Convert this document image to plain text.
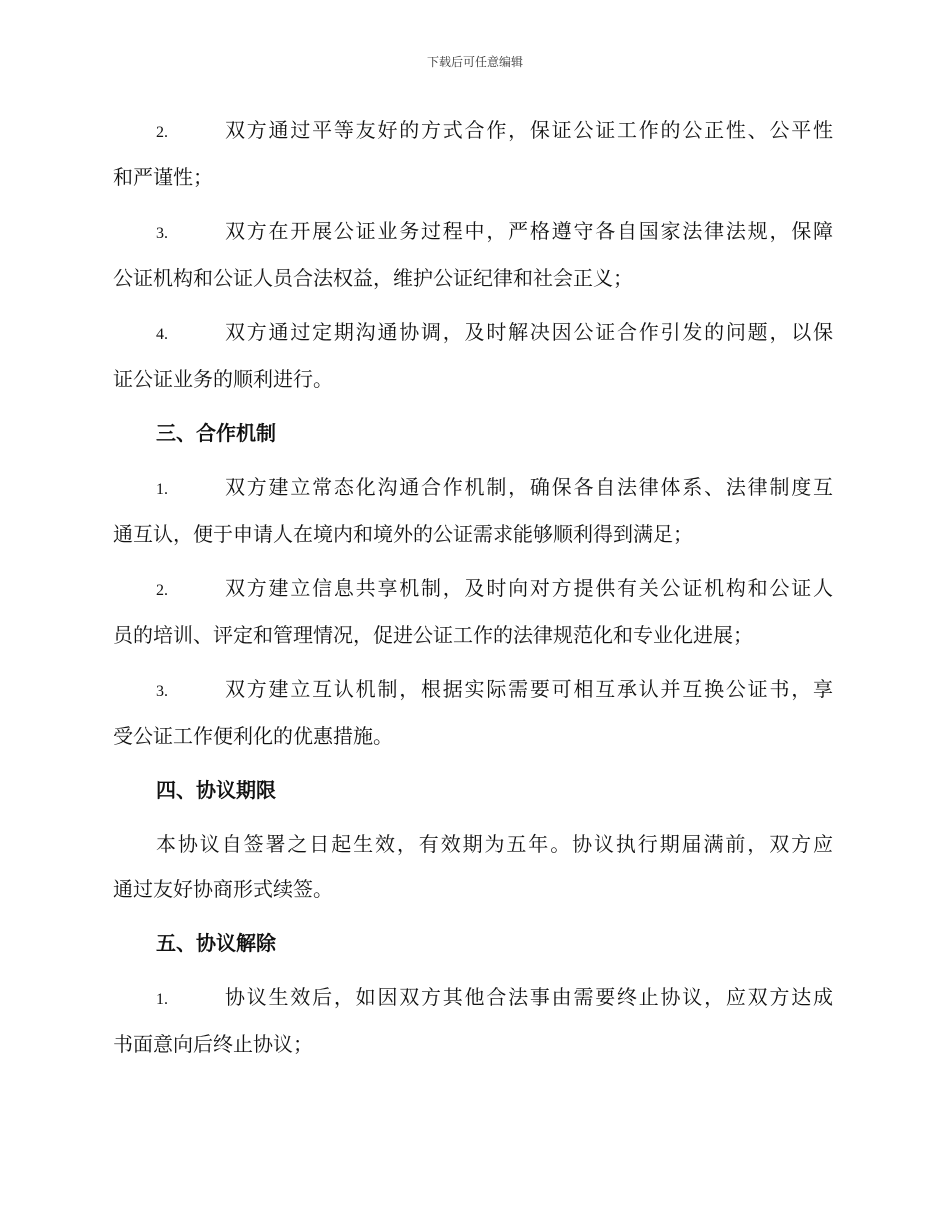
下载后可任意编辑
2.	双方通过平等友好的方式合作，保证公证工作的公正性、公平性
和严谨性；
3.	双方在开展公证业务过程中，严格遵守各自国家法律法规，保障
公证机构和公证人员合法权益，维护公证纪律和社会正义；
4.	双方通过定期沟通协调，及时解决因公证合作引发的问题，以保
证公证业务的顺利进行。
三、合作机制
1.	双方建立常态化沟通合作机制，确保各自法律体系、法律制度互
通互认，便于申请人在境内和境外的公证需求能够顺利得到满足；
2.	双方建立信息共享机制，及时向对方提供有关公证机构和公证人
员的培训、评定和管理情况，促进公证工作的法律规范化和专业化进展；
3.	双方建立互认机制，根据实际需要可相互承认并互换公证书，享
受公证工作便利化的优惠措施。
四、协议期限
本协议自签署之日起生效，有效期为五年。协议执行期届满前，双方应
通过友好协商形式续签。
五、协议解除
1.	协议生效后，如因双方其他合法事由需要终止协议，应双方达成
书面意向后终止协议；
